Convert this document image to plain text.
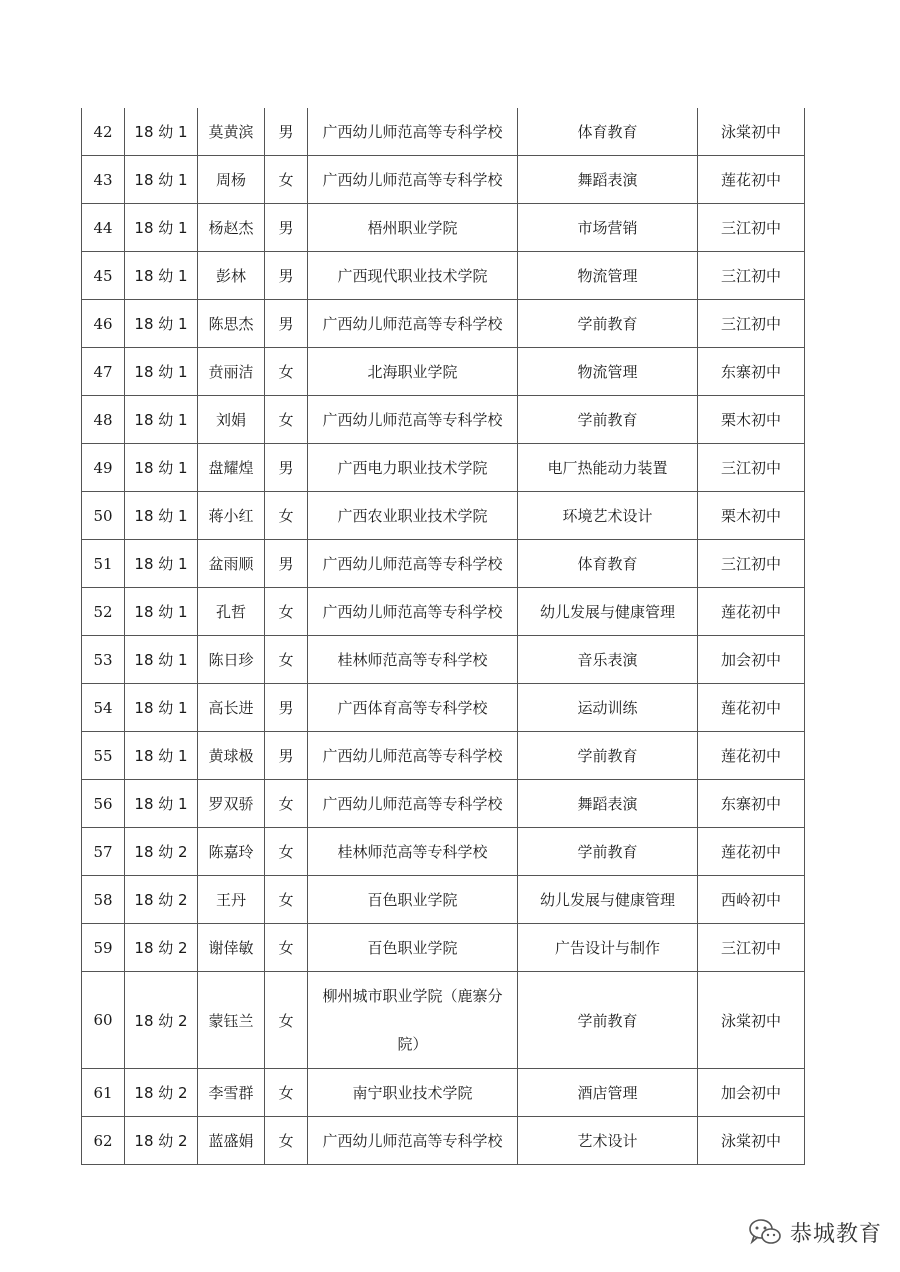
42	18 幼 1	莫黄滨	男	广西幼儿师范高等专科学校	体育教育	泳棠初中
43	18 幼 1	周杨	女	广西幼儿师范高等专科学校	舞蹈表演	莲花初中
44	18 幼 1	杨赵杰	男	梧州职业学院	市场营销	三江初中
45	18 幼 1	彭林	男	广西现代职业技术学院	物流管理	三江初中
46	18 幼 1	陈思杰	男	广西幼儿师范高等专科学校	学前教育	三江初中
47	18 幼 1	贲丽洁	女	北海职业学院	物流管理	东寨初中
48	18 幼 1	刘娟	女	广西幼儿师范高等专科学校	学前教育	栗木初中
49	18 幼 1	盘耀煌	男	广西电力职业技术学院	电厂热能动力装置	三江初中
50	18 幼 1	蒋小红	女	广西农业职业技术学院	环境艺术设计	栗木初中
51	18 幼 1	盆雨顺	男	广西幼儿师范高等专科学校	体育教育	三江初中
52	18 幼 1	孔哲	女	广西幼儿师范高等专科学校	幼儿发展与健康管理	莲花初中
53	18 幼 1	陈日珍	女	桂林师范高等专科学校	音乐表演	加会初中
54	18 幼 1	高长进	男	广西体育高等专科学校	运动训练	莲花初中
55	18 幼 1	黄球极	男	广西幼儿师范高等专科学校	学前教育	莲花初中
56	18 幼 1	罗双骄	女	广西幼儿师范高等专科学校	舞蹈表演	东寨初中
57	18 幼 2	陈嘉玲	女	桂林师范高等专科学校	学前教育	莲花初中
58	18 幼 2	王丹	女	百色职业学院	幼儿发展与健康管理	西岭初中
59	18 幼 2	谢倖敏	女	百色职业学院	广告设计与制作	三江初中
60	18 幼 2	蒙钰兰	女	柳州城市职业学院（鹿寨分院）	学前教育	泳棠初中
61	18 幼 2	李雪群	女	南宁职业技术学院	酒店管理	加会初中
62	18 幼 2	蓝盛娟	女	广西幼儿师范高等专科学校	艺术设计	泳棠初中
恭城教育
